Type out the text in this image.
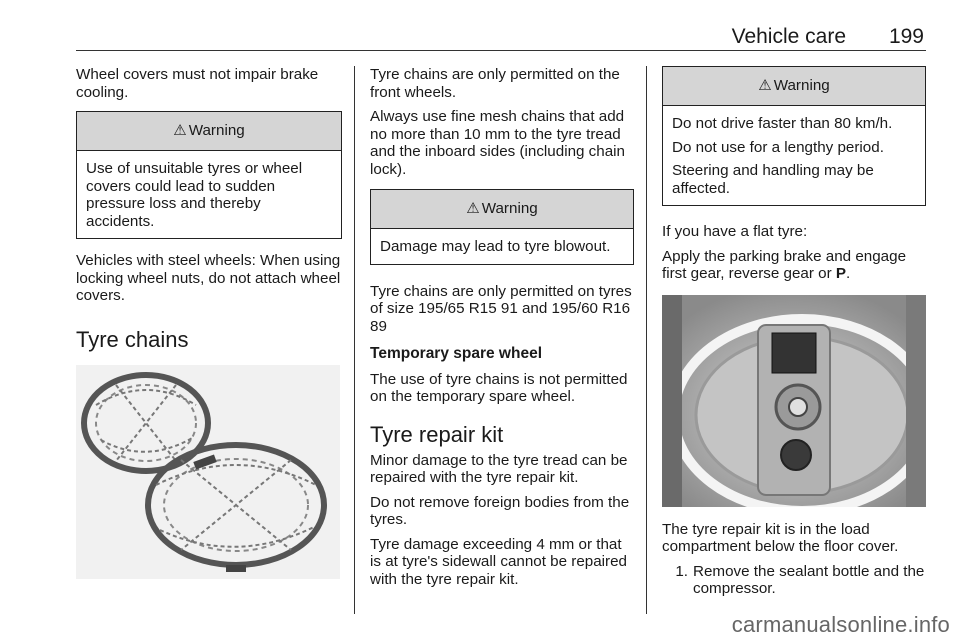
Vehicle care 199

Wheel covers must not impair brake cooling.

⚠ Warning

Use of unsuitable tyres or wheel covers could lead to sudden pressure loss and thereby accidents.

Vehicles with steel wheels: When using locking wheel nuts, do not attach wheel covers.

Tyre chains

Tyre chains are only permitted on the front wheels.

Always use fine mesh chains that add no more than 10 mm to the tyre tread and the inboard sides (including chain lock).

⚠ Warning

Damage may lead to tyre blowout.

Tyre chains are only permitted on tyres of size 195/65 R15 91 and 195/60 R16 89

Temporary spare wheel

The use of tyre chains is not permitted on the temporary spare wheel.

Tyre repair kit

Minor damage to the tyre tread can be repaired with the tyre repair kit.

Do not remove foreign bodies from the tyres.

Tyre damage exceeding 4 mm or that is at tyre's sidewall cannot be repaired with the tyre repair kit.

⚠ Warning

Do not drive faster than 80 km/h.

Do not use for a lengthy period.

Steering and handling may be affected.

If you have a flat tyre:

Apply the parking brake and engage first gear, reverse gear or P.

The tyre repair kit is in the load compartment below the floor cover.

1. Remove the sealant bottle and the compressor.
carmanualsonline.info
